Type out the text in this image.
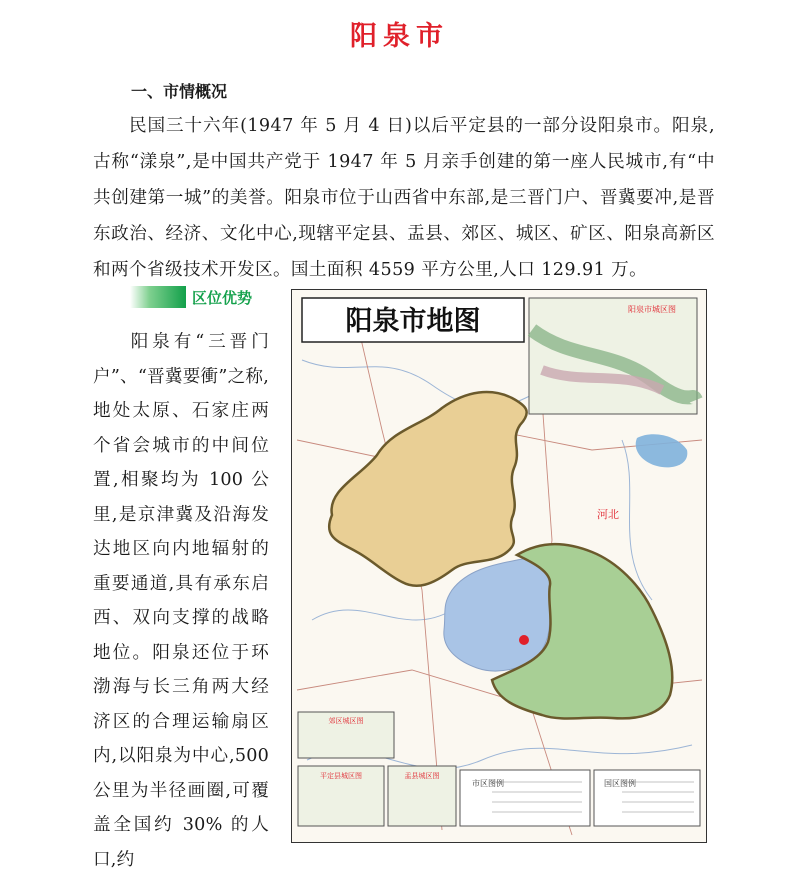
阳泉市
一、市情概况

民国三十六年(1947 年 5 月 4 日)以后平定县的一部分设阳泉市。阳泉,古称“漾泉”,是中国共产党于 1947 年 5 月亲手创建的第一座人民城市,有“中共创建第一城”的美誉。阳泉市位于山西省中东部,是三晋门户、晋冀要冲,是晋东政治、经济、文化中心,现辖平定县、盂县、郊区、城区、矿区、阳泉高新区和两个省级技术开发区。国土面积 4559 平方公里,人口 129.91 万。

区位优势

阳泉有“三晋门户”、“晋冀要衝”之称,地处太原、石家庄两个省会城市的中间位置,相聚均为 100 公里,是京津冀及沿海发达地区向内地辐射的重要通道,具有承东启西、双向支撑的战略地位。阳泉还位于环渤海与长三角两大经济区的合理运输扇区内,以阳泉为中心,500 公里为半径画圈,可覆盖全国约 30% 的人口,约

阳泉市地图	阳泉市城区图
河北
郊区城区图
平定县城区图	盂县城区图
市区图例	国区图例
